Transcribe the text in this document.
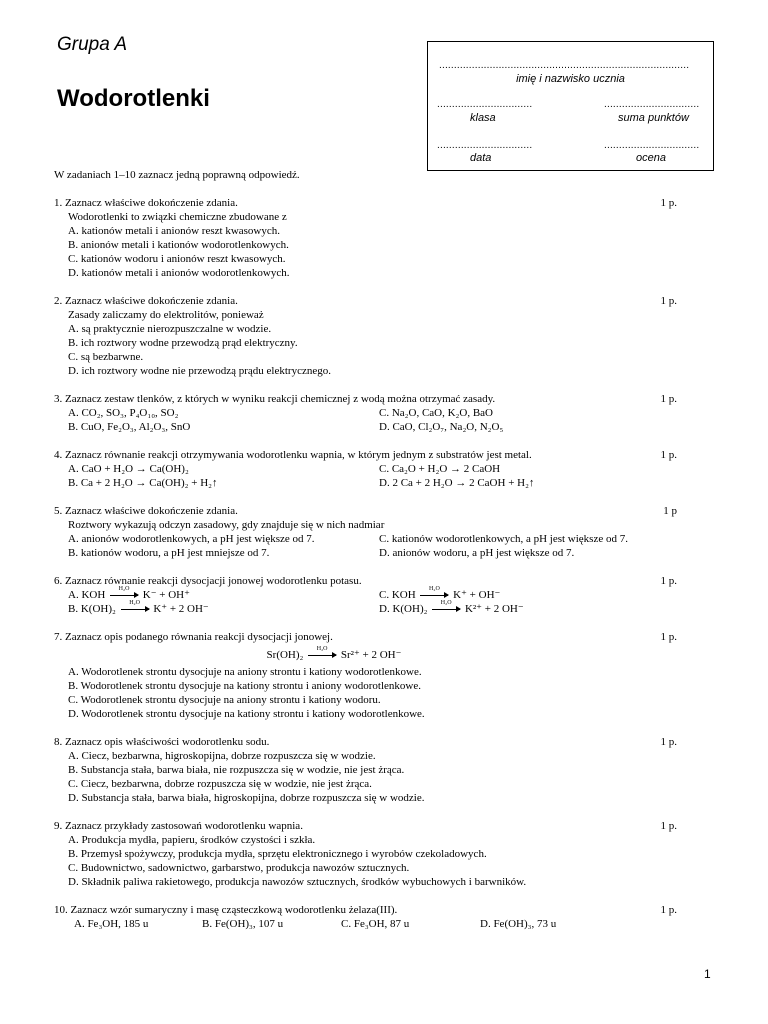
Grupa A
Wodorotlenki
....................................................................................
imię i nazwisko ucznia
................................	................................
klasa	suma punktów
................................	................................
data	ocena
W zadaniach 1–10 zaznacz jedną poprawną odpowiedź.
1. Zaznacz właściwe dokończenie zdania.	1 p.
Wodorotlenki to związki chemiczne zbudowane z
A. kationów metali i anionów reszt kwasowych.
B. anionów metali i kationów wodorotlenkowych.
C. kationów wodoru i anionów reszt kwasowych.
D. kationów metali i anionów wodorotlenkowych.
2. Zaznacz właściwe dokończenie zdania.	1 p.
Zasady zaliczamy do elektrolitów, ponieważ
A. są praktycznie nierozpuszczalne w wodzie.
B. ich roztwory wodne przewodzą prąd elektryczny.
C. są bezbarwne.
D. ich roztwory wodne nie przewodzą prądu elektrycznego.
3. Zaznacz zestaw tlenków, z których w wyniku reakcji chemicznej z wodą można otrzymać zasady.	1 p.
A. CO₂, SO₃, P₄O₁₀, SO₂	C. Na₂O, CaO, K₂O, BaO
B. CuO, Fe₂O₃, Al₂O₃, SnO	D. CaO, Cl₂O₇, Na₂O, N₂O₅
4. Zaznacz równanie reakcji otrzymywania wodorotlenku wapnia, w którym jednym z substratów jest metal.	1 p.
A. CaO + H₂O → Ca(OH)₂	C. Ca₂O + H₂O → 2 CaOH
B. Ca + 2 H₂O → Ca(OH)₂ + H₂↑	D. 2 Ca + 2 H₂O → 2 CaOH + H₂↑
5. Zaznacz właściwe dokończenie zdania.	1 p
Roztwory wykazują odczyn zasadowy, gdy znajduje się w nich nadmiar
A. anionów wodorotlenkowych, a pH jest większe od 7.	C. kationów wodorotlenkowych, a pH jest większe od 7.
B. kationów wodoru, a pH jest mniejsze od 7.	D. anionów wodoru, a pH jest większe od 7.
6. Zaznacz równanie reakcji dysocjacji jonowej wodorotlenku potasu.	1 p.
A. KOH	H₂O	K⁻ + OH⁺	C. KOH	H₂O	K⁺ + OH⁻
B. K(OH)₂	H₂O	K⁺ + 2 OH⁻	D. K(OH)₂	H₂O	K²⁺ + 2 OH⁻
7. Zaznacz opis podanego równania reakcji dysocjacji jonowej.	1 p.
Sr(OH)₂	H₂O	Sr²⁺ + 2 OH⁻
A. Wodorotlenek strontu dysocjuje na aniony strontu i kationy wodorotlenkowe.
B. Wodorotlenek strontu dysocjuje na kationy strontu i aniony wodorotlenkowe.
C. Wodorotlenek strontu dysocjuje na aniony strontu i kationy wodoru.
D. Wodorotlenek strontu dysocjuje na kationy strontu i kationy wodorotlenkowe.
8. Zaznacz opis właściwości wodorotlenku sodu.	1 p.
A. Ciecz, bezbarwna, higroskopijna, dobrze rozpuszcza się w wodzie.
B. Substancja stała, barwa biała, nie rozpuszcza się w wodzie, nie jest żrąca.
C. Ciecz, bezbarwna, dobrze rozpuszcza się w wodzie, nie jest żrąca.
D. Substancja stała, barwa biała, higroskopijna, dobrze rozpuszcza się w wodzie.
9. Zaznacz przykłady zastosowań wodorotlenku wapnia.	1 p.
A. Produkcja mydła, papieru, środków czystości i szkła.
B. Przemysł spożywczy, produkcja mydła, sprzętu elektronicznego i wyrobów czekoladowych.
C. Budownictwo, sadownictwo, garbarstwo, produkcja nawozów sztucznych.
D. Składnik paliwa rakietowego, produkcja nawozów sztucznych, środków wybuchowych i barwników.
10. Zaznacz wzór sumaryczny i masę cząsteczkową wodorotlenku żelaza(III).	1 p.
A. Fe₃OH, 185 u	B. Fe(OH)₃, 107 u	C. Fe₃OH, 87 u	D. Fe(OH)₃, 73 u
1
